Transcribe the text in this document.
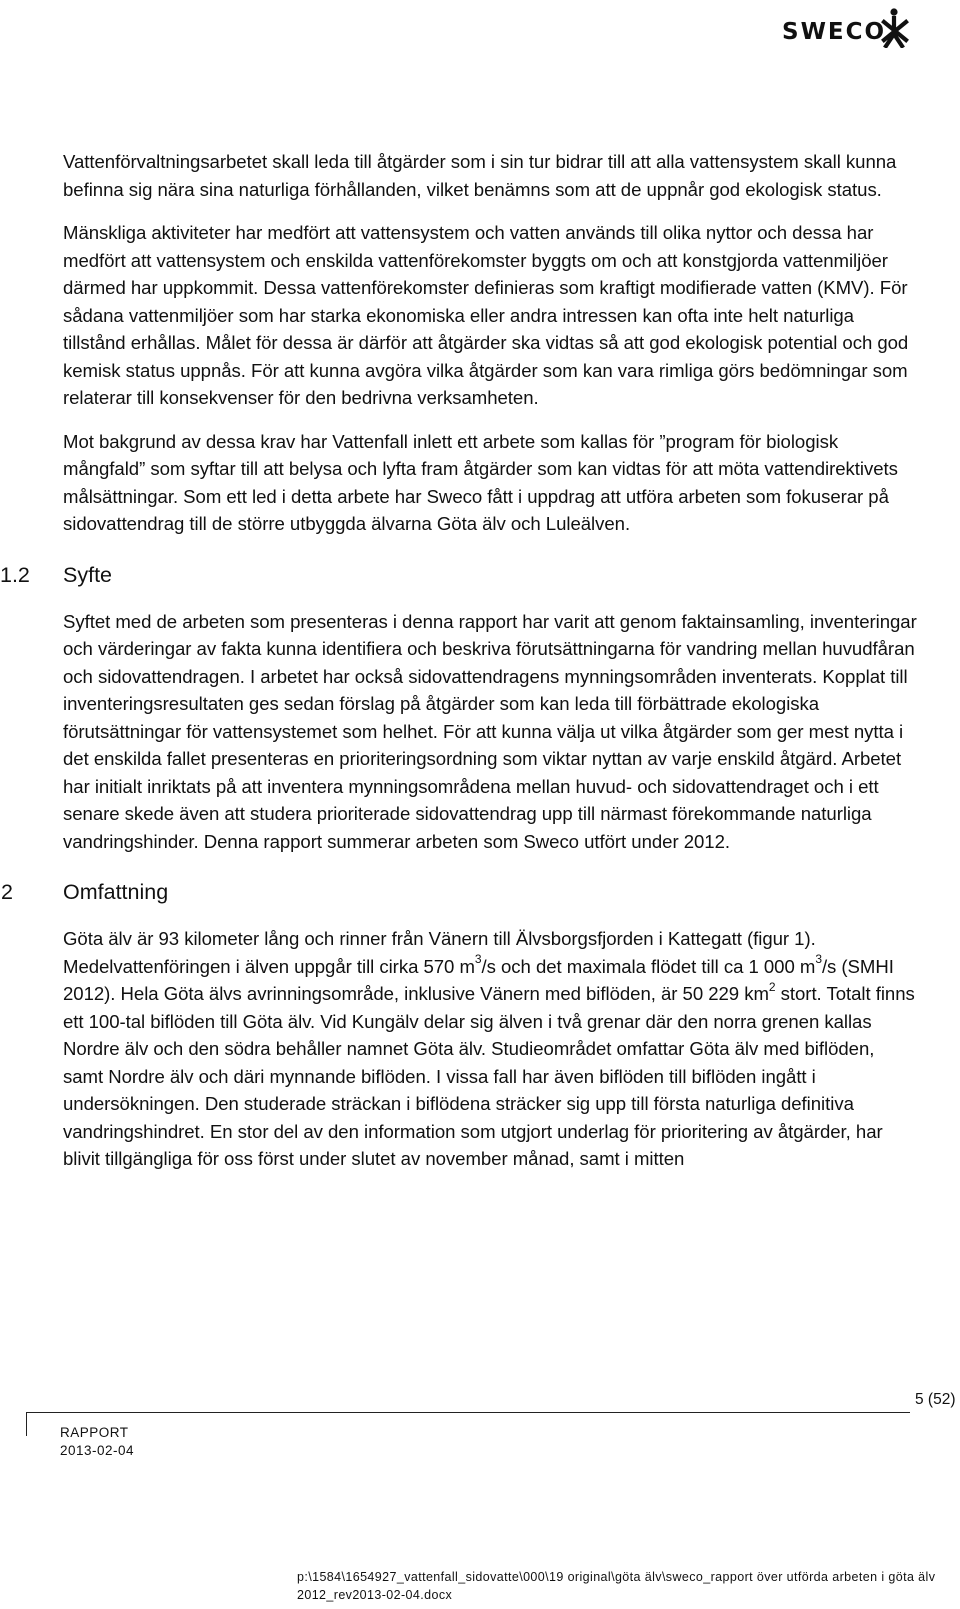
SWECO

Vattenförvaltningsarbetet skall leda till åtgärder som i sin tur bidrar till att alla vattensystem skall kunna befinna sig nära sina naturliga förhållanden, vilket benämns som att de uppnår god ekologisk status.

Mänskliga aktiviteter har medfört att vattensystem och vatten används till olika nyttor och dessa har medfört att vattensystem och enskilda vattenförekomster byggts om och att konstgjorda vattenmiljöer därmed har uppkommit. Dessa vattenförekomster definieras som kraftigt modifierade vatten (KMV). För sådana vattenmiljöer som har starka ekonomiska eller andra intressen kan ofta inte helt naturliga tillstånd erhållas. Målet för dessa är därför att åtgärder ska vidtas så att god ekologisk potential och god kemisk status uppnås. För att kunna avgöra vilka åtgärder som kan vara rimliga görs bedömningar som relaterar till konsekvenser för den bedrivna verksamheten.

Mot bakgrund av dessa krav har Vattenfall inlett ett arbete som kallas för ”program för biologisk mångfald” som syftar till att belysa och lyfta fram åtgärder som kan vidtas för att möta vattendirektivets målsättningar. Som ett led i detta arbete har Sweco fått i uppdrag att utföra arbeten som fokuserar på sidovattendrag till de större utbyggda älvarna Göta älv och Luleälven.

1.2 Syfte

Syftet med de arbeten som presenteras i denna rapport har varit att genom faktainsamling, inventeringar och värderingar av fakta kunna identifiera och beskriva förutsättningarna för vandring mellan huvudfåran och sidovattendragen. I arbetet har också sidovattendragens mynningsområden inventerats. Kopplat till inventeringsresultaten ges sedan förslag på åtgärder som kan leda till förbättrade ekologiska förutsättningar för vattensystemet som helhet. För att kunna välja ut vilka åtgärder som ger mest nytta i det enskilda fallet presenteras en prioriteringsordning som viktar nyttan av varje enskild åtgärd. Arbetet har initialt inriktats på att inventera mynningsområdena mellan huvud- och sidovattendraget och i ett senare skede även att studera prioriterade sidovattendrag upp till närmast förekommande naturliga vandringshinder. Denna rapport summerar arbeten som Sweco utfört under 2012.

2 Omfattning

Göta älv är 93 kilometer lång och rinner från Vänern till Älvsborgsfjorden i Kattegatt (figur 1). Medelvattenföringen i älven uppgår till cirka 570 $m^3/s$ och det maximala flödet till ca 1 000 $m^3/s$ (SMHI 2012). Hela Göta älvs avrinningsområde, inklusive Vänern med biflöden, är 50 229 $km^2$ stort. Totalt finns ett 100-tal biflöden till Göta älv. Vid Kungälv delar sig älven i två grenar där den norra grenen kallas Nordre älv och den södra behåller namnet Göta älv. Studieområdet omfattar Göta älv med biflöden, samt Nordre älv och däri mynnande biflöden. I vissa fall har även biflöden till biflöden ingått i undersökningen. Den studerade sträckan i biflödena sträcker sig upp till första naturliga definitiva vandringshindret. En stor del av den information som utgjort underlag för prioritering av åtgärder, har blivit tillgängliga för oss först under slutet av november månad, samt i mitten

5 (52)
RAPPORT
2013-02-04
p:\1584\1654927_vattenfall_sidovatte\000\19 original\göta älv\sweco_rapport över utförda arbeten i göta älv 2012_rev2013-02-04.docx
